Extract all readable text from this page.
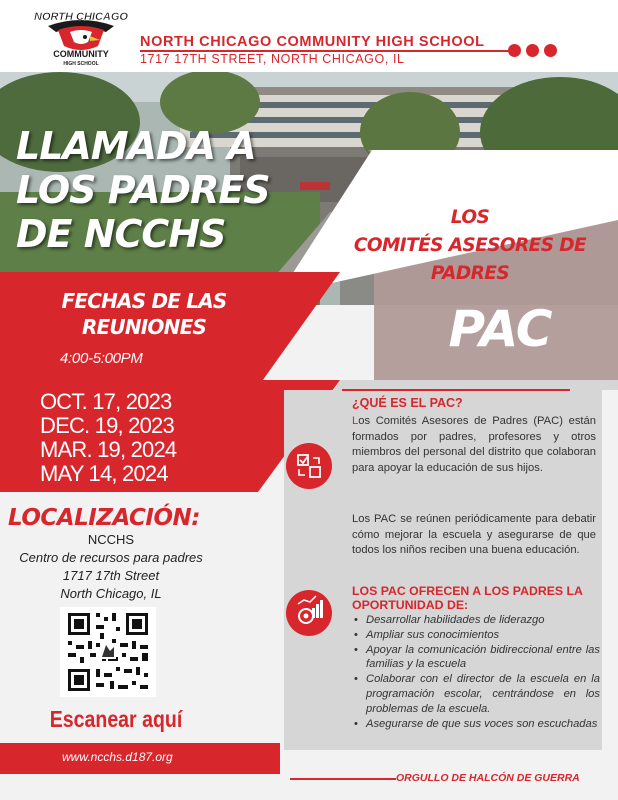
NORTH CHICAGO
COMMUNITY
HIGH SCHOOL
NORTH CHICAGO COMMUNITY HIGH SCHOOL
1717 17TH STREET, NORTH CHICAGO, IL
LLAMADA A
LOS PADRES
DE NCCHS	LOS
COMITÉS ASESORES DE
PADRES
PAC
FECHAS DE LAS
REUNIONES
4:00-5:00PM
OCT. 17, 2023
DEC. 19, 2023
MAR. 19, 2024
MAY 14, 2024
LOCALIZACIÓN:
NCCHS
Centro de recursos para padres
1717 17th Street
North Chicago, IL
Escanear aquí
¿QUÉ ES EL PAC?
Los Comités Asesores de Padres (PAC) están formados por padres, profesores y otros miembros del personal del distrito que colaboran para apoyar la educación de sus hijos.
Los PAC se reúnen periódicamente para debatir cómo mejorar la escuela y asegurarse de que todos los niños reciben una buena educación.
LOS PAC OFRECEN A LOS PADRES LA OPORTUNIDAD DE:
• Desarrollar habilidades de liderazgo
• Ampliar sus conocimientos
• Apoyar la comunicación bidireccional entre las familias y la escuela
• Colaborar con el director de la escuela en la programación escolar, centrándose en los problemas de la escuela.
• Asegurarse de que sus voces son escuchadas
www.ncchs.d187.org
ORGULLO DE HALCÓN DE GUERRA
